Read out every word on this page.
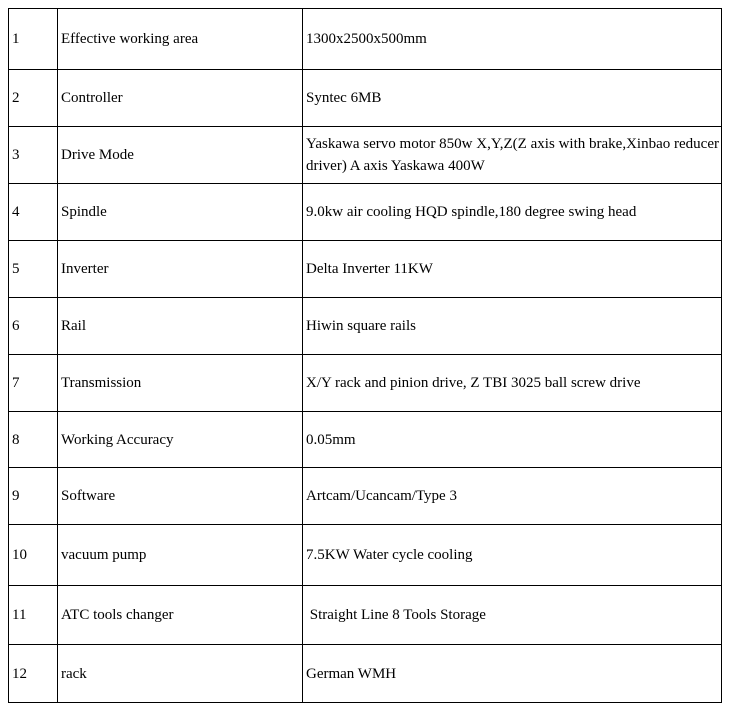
1	Effective working area	1300x2500x500mm
2	Controller	Syntec 6MB
3	Drive Mode	Yaskawa servo motor 850w X,Y,Z(Z axis with brake,Xinbao reducer driver) A axis Yaskawa 400W
4	Spindle	9.0kw air cooling HQD spindle,180 degree swing head
5	Inverter	Delta Inverter 11KW
6	Rail	Hiwin square rails
7	Transmission	X/Y rack and pinion drive, Z TBI 3025 ball screw drive
8	Working Accuracy	0.05mm
9	Software	Artcam/Ucancam/Type 3
10	vacuum pump	7.5KW Water cycle cooling
11	ATC tools changer	Straight Line 8 Tools Storage
12	rack	German WMH
